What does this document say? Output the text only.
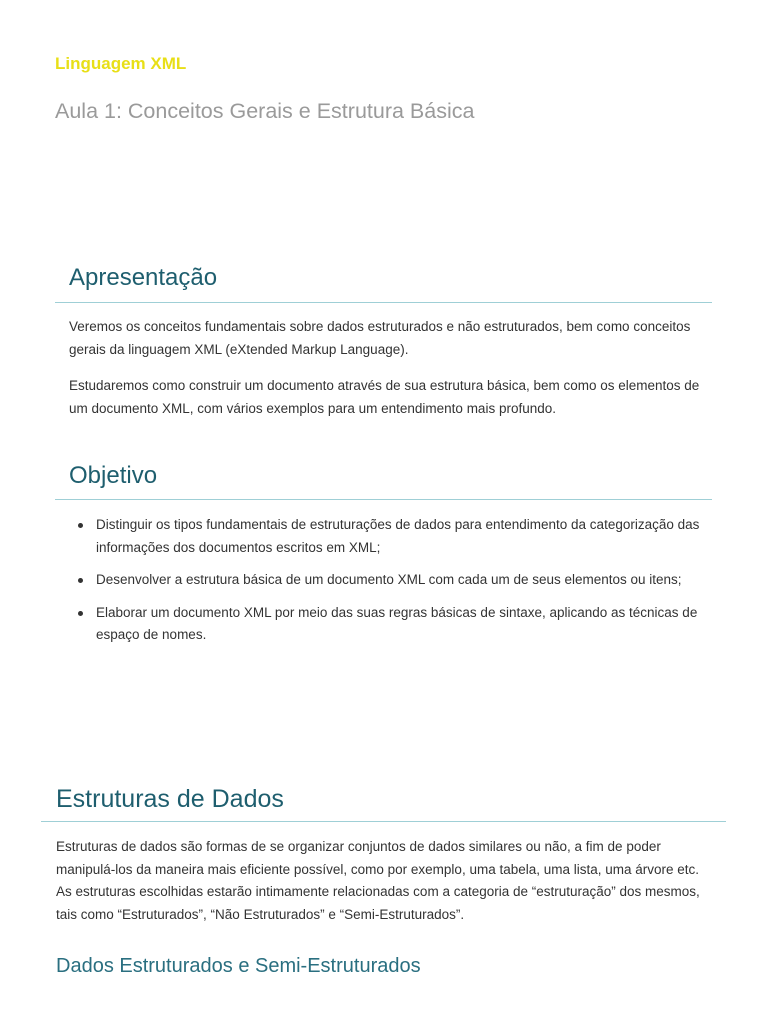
Linguagem XML
Aula 1: Conceitos Gerais e Estrutura Básica
Apresentação

Veremos os conceitos fundamentais sobre dados estruturados e não estruturados, bem como conceitos gerais da linguagem XML (eXtended Markup Language).

Estudaremos como construir um documento através de sua estrutura básica, bem como os elementos de um documento XML, com vários exemplos para um entendimento mais profundo.

Objetivo
Distinguir os tipos fundamentais de estruturações de dados para entendimento da categorização das informações dos documentos escritos em XML;
Desenvolver a estrutura básica de um documento XML com cada um de seus elementos ou itens;
Elaborar um documento XML por meio das suas regras básicas de sintaxe, aplicando as técnicas de espaço de nomes.
Estruturas de Dados

Estruturas de dados são formas de se organizar conjuntos de dados similares ou não, a fim de poder manipulá-los da maneira mais eficiente possível, como por exemplo, uma tabela, uma lista, uma árvore etc. As estruturas escolhidas estarão intimamente relacionadas com a categoria de “estruturação” dos mesmos, tais como “Estruturados”, “Não Estruturados” e “Semi-Estruturados”.

Dados Estruturados e Semi-Estruturados
